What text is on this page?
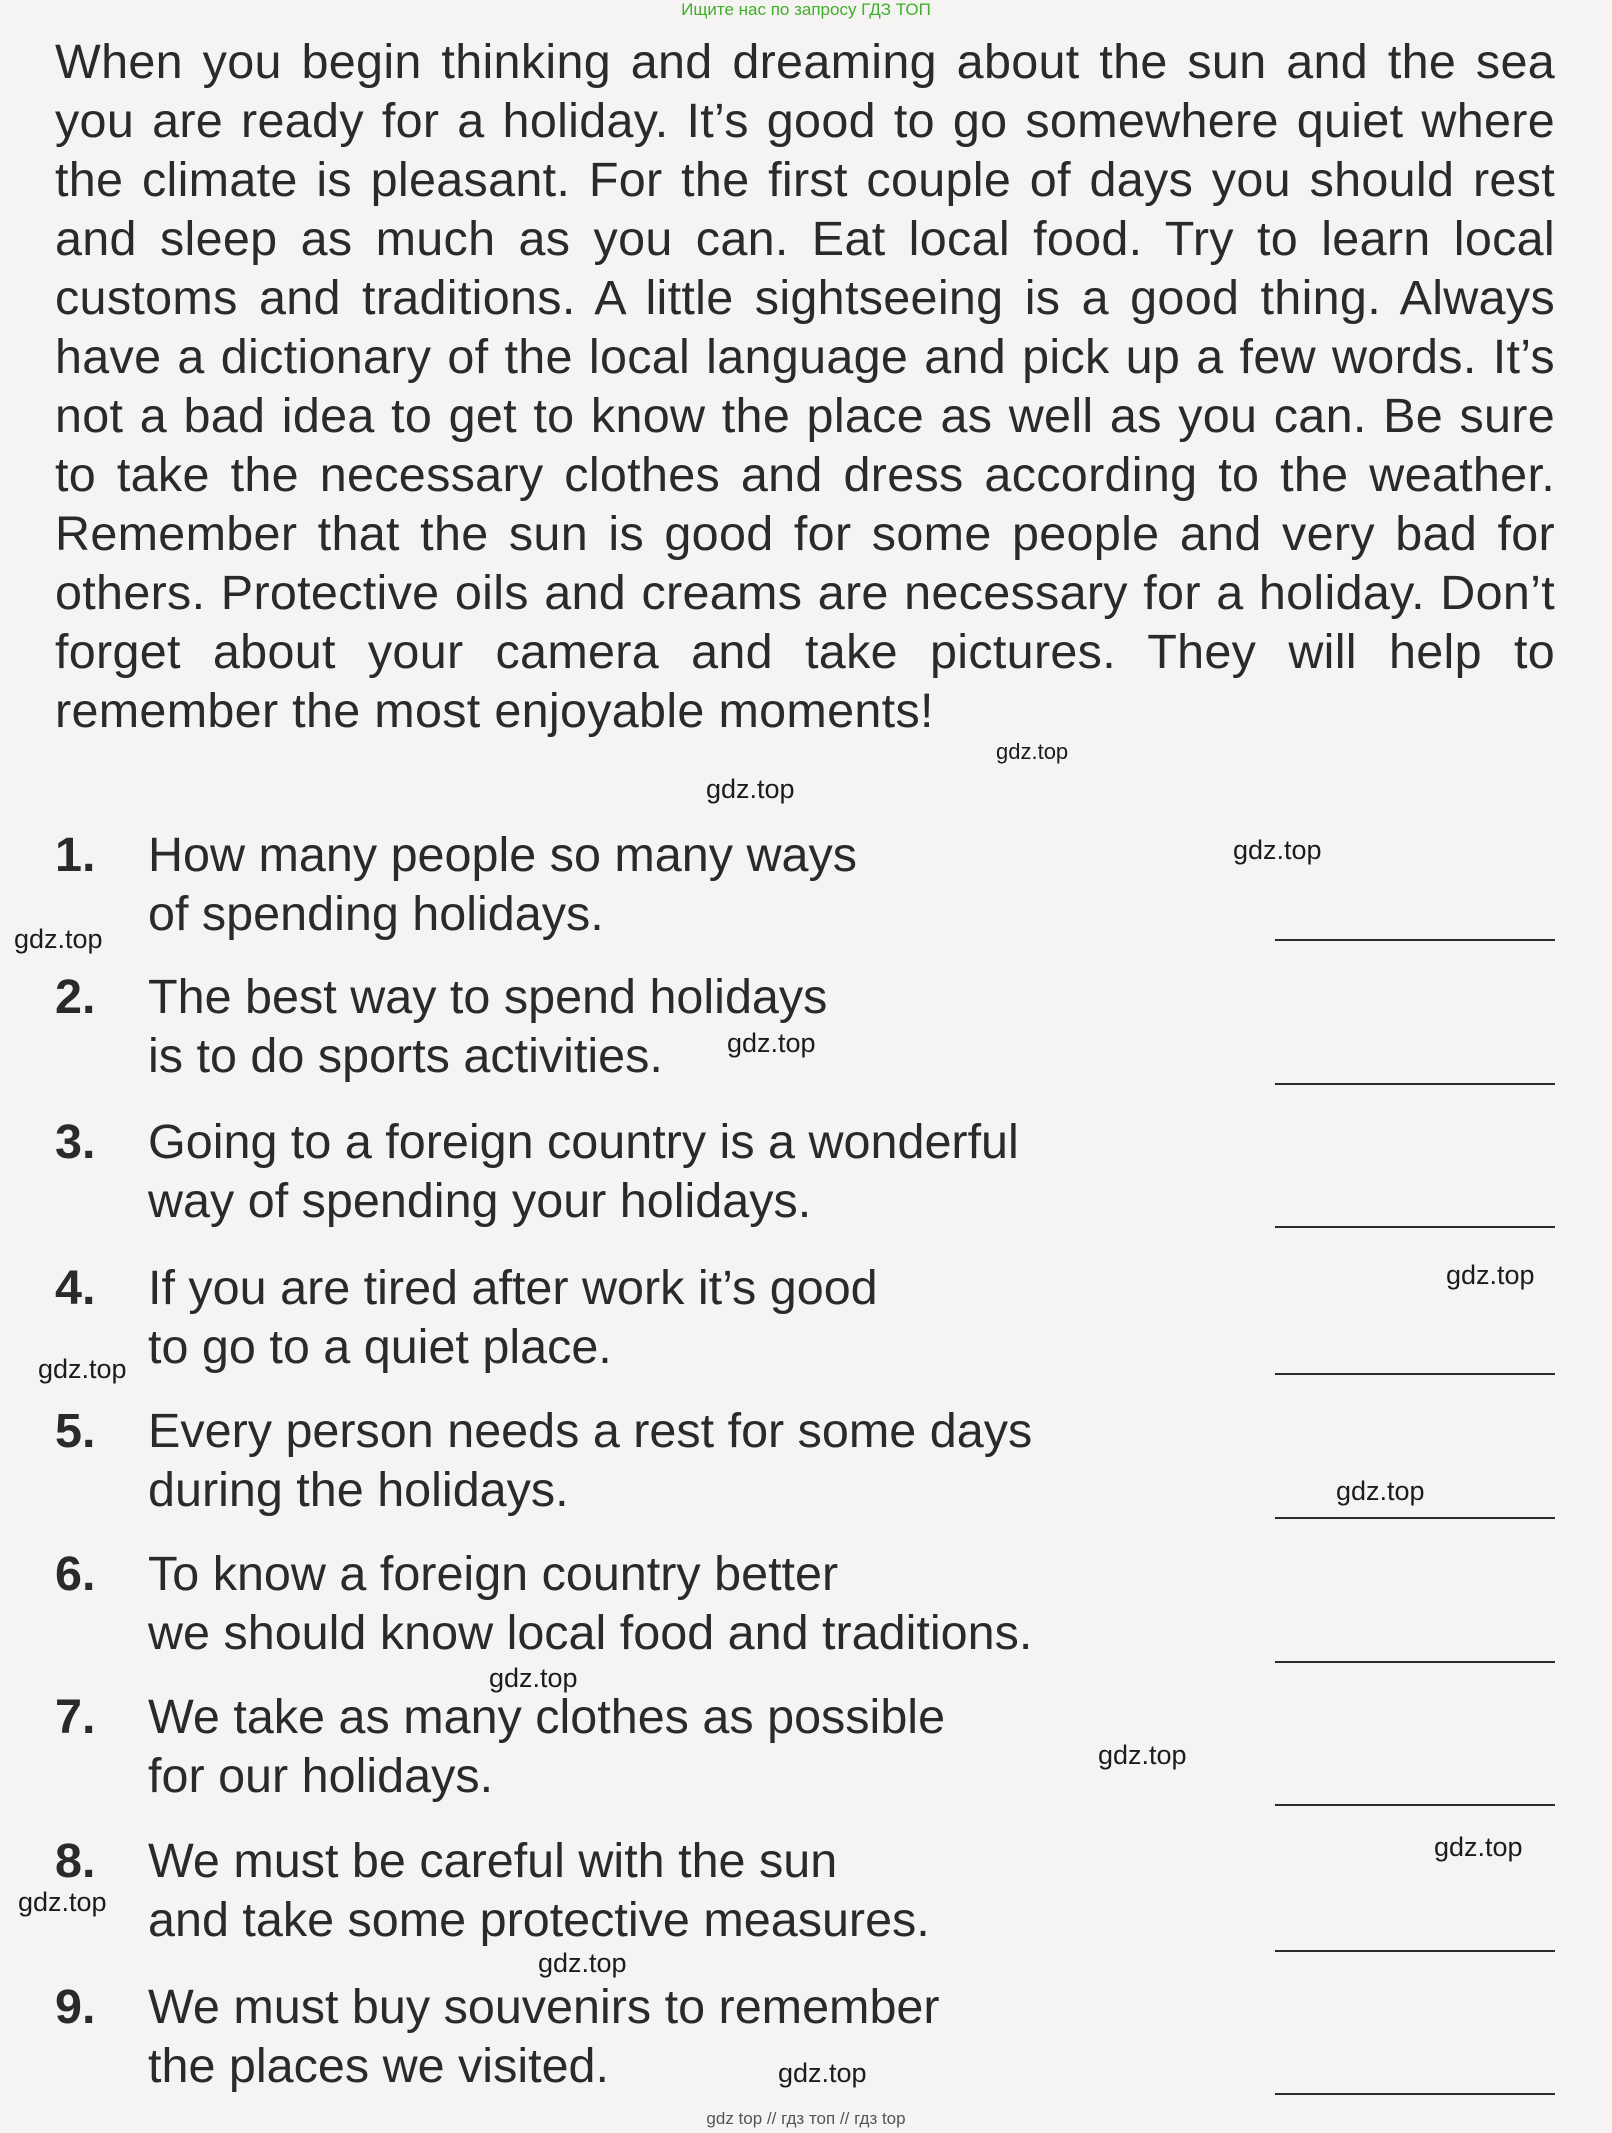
Ищите нас по запросу ГДЗ ТОП
When you begin thinking and dreaming about the sun and the sea you are ready for a holiday. It’s good to go somewhere quiet where the climate is pleasant. For the first couple of days you should rest and sleep as much as you can. Eat local food. Try to learn local customs and traditions. A little sightseeing is a good thing. Always have a dictionary of the local language and pick up a few words. It’s not a bad idea to get to know the place as well as you can. Be sure to take the necessary clothes and dress according to the weather. Remember that the sun is good for some people and very bad for others. Protective oils and creams are necessary for a holiday. Don’t forget about your camera and take pictures. They will help to remember the most enjoyable moments!
1.	How many people so many ways
of spending holidays.
2.	The best way to spend holidays
is to do sports activities.
3.	Going to a foreign country is a wonderful
way of spending your holidays.
4.	If you are tired after work it’s good
to go to a quiet place.
5.	Every person needs a rest for some days
during the holidays.
6.	To know a foreign country better
we should know local food and traditions.
7.	We take as many clothes as possible
for our holidays.
8.	We must be careful with the sun
and take some protective measures.
9.	We must buy souvenirs to remember
the places we visited.
gdz.top
gdz.top
gdz.top
gdz.top
gdz.top
gdz.top
gdz.top
gdz.top
gdz.top
gdz.top
gdz.top
gdz.top
gdz.top
gdz.top
gdz top // гдз топ // гдз top
